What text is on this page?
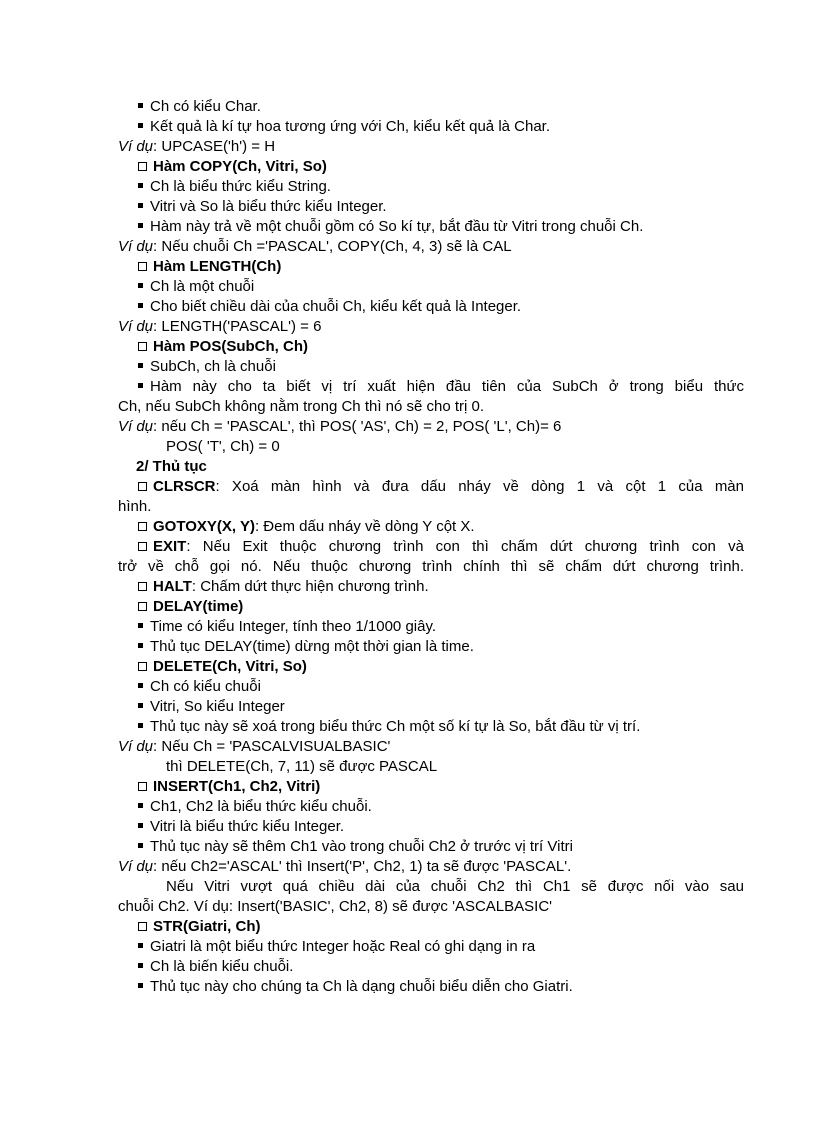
Ch có kiểu Char.
Kết quả là kí tự hoa tương ứng với Ch, kiểu kết quả là Char.
Ví dụ: UPCASE('h') = H
Hàm COPY(Ch, Vitri, So)
Ch là biểu thức kiểu String.
Vitri và So là biểu thức kiểu Integer.
Hàm này trả về một chuỗi gồm có So kí tự, bắt đầu từ Vitri trong chuỗi Ch.
Ví dụ: Nếu chuỗi Ch ='PASCAL', COPY(Ch, 4, 3) sẽ là CAL
Hàm LENGTH(Ch)
Ch là một chuỗi
Cho biết chiều dài của chuỗi Ch, kiểu kết quả là Integer.
Ví dụ: LENGTH('PASCAL') = 6
Hàm POS(SubCh, Ch)
SubCh, ch là chuỗi
Hàm này cho ta biết vị trí xuất hiện đầu tiên của SubCh ở trong biểu thức
Ch, nếu SubCh không nằm trong Ch thì nó sẽ cho trị 0.
Ví dụ: nếu Ch = 'PASCAL', thì POS( 'AS', Ch) = 2, POS( 'L', Ch)= 6
POS( 'T', Ch) = 0
2/ Thủ tục
CLRSCR: Xoá màn hình và đưa dấu nháy về dòng 1 và cột 1 của màn
hình.
GOTOXY(X, Y): Đem dấu nháy về dòng Y cột X.
EXIT: Nếu Exit thuộc chương trình con thì chấm dứt chương trình con và
trở về chỗ gọi nó. Nếu thuộc chương trình chính thì sẽ chấm dứt chương trình.
HALT: Chấm dứt thực hiện chương trình.
DELAY(time)
Time có kiểu Integer, tính theo 1/1000 giây.
Thủ tục DELAY(time) dừng một thời gian là time.
DELETE(Ch, Vitri, So)
Ch có kiểu chuỗi
Vitri, So kiểu Integer
Thủ tục này sẽ xoá trong biểu thức Ch một số kí tự là So, bắt đầu từ vị trí.
Ví dụ: Nếu Ch = 'PASCALVISUALBASIC'
thì DELETE(Ch, 7, 11) sẽ được PASCAL
INSERT(Ch1, Ch2, Vitri)
Ch1, Ch2 là biểu thức kiểu chuỗi.
Vitri là biểu thức kiểu Integer.
Thủ tục này sẽ thêm Ch1 vào trong chuỗi Ch2 ở trước vị trí Vitri
Ví dụ: nếu Ch2='ASCAL' thì Insert('P', Ch2, 1) ta sẽ được 'PASCAL'.
Nếu Vitri vượt quá chiều dài của chuỗi Ch2 thì Ch1 sẽ được nối vào sau
chuỗi Ch2. Ví dụ: Insert('BASIC', Ch2, 8) sẽ được 'ASCALBASIC'
STR(Giatri, Ch)
Giatri là một biểu thức Integer hoặc Real có ghi dạng in ra
Ch là biến kiểu chuỗi.
Thủ tục này cho chúng ta Ch là dạng chuỗi biểu diễn cho Giatri.
